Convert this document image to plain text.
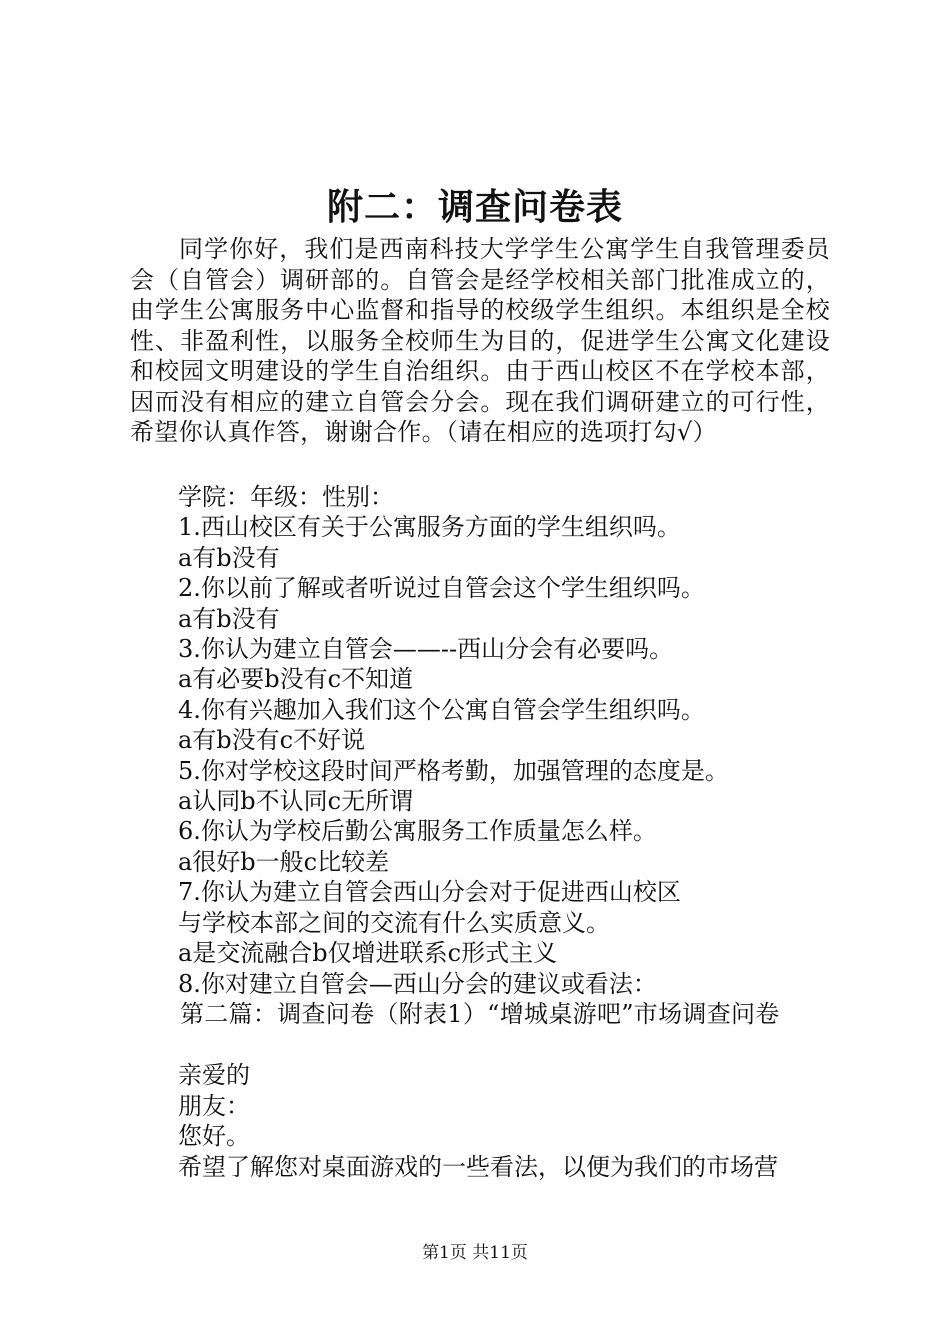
附二：调查问卷表
同学你好，我们是西南科技大学学生公寓学生自我管理委员会（自管会）调研部的。自管会是经学校相关部门批准成立的，由学生公寓服务中心监督和指导的校级学生组织。本组织是全校性、非盈利性，以服务全校师生为目的，促进学生公寓文化建设和校园文明建设的学生自治组织。由于西山校区不在学校本部，因而没有相应的建立自管会分会。现在我们调研建立的可行性，希望你认真作答，谢谢合作。（请在相应的选项打勾√）
学院：年级：性别：
1.西山校区有关于公寓服务方面的学生组织吗。
a有b没有
2.你以前了解或者听说过自管会这个学生组织吗。
a有b没有
3.你认为建立自管会——--西山分会有必要吗。
a有必要b没有c不知道
4.你有兴趣加入我们这个公寓自管会学生组织吗。
a有b没有c不好说
5.你对学校这段时间严格考勤，加强管理的态度是。
a认同b不认同c无所谓
6.你认为学校后勤公寓服务工作质量怎么样。
a很好b一般c比较差
7.你认为建立自管会西山分会对于促进西山校区
与学校本部之间的交流有什么实质意义。
a是交流融合b仅增进联系c形式主义
8.你对建立自管会—西山分会的建议或看法：
第二篇：调查问卷（附表1）“增城桌游吧”市场调查问卷
亲爱的
朋友：
您好。
希望了解您对桌面游戏的一些看法，以便为我们的市场营
第1页 共11页
